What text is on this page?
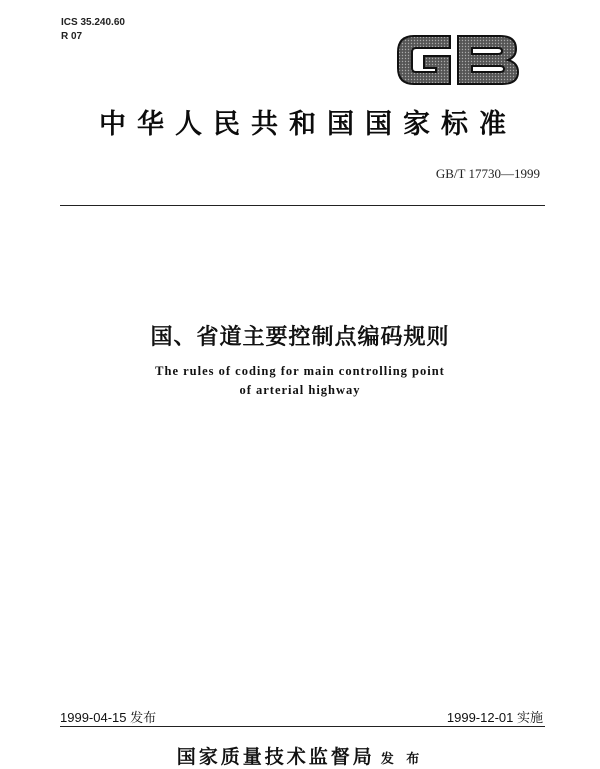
ICS 35.240.60
R 07
中华人民共和国国家标准
GB/T 17730—1999
国、省道主要控制点编码规则
The rules of coding for main controlling point
of arterial highway
1999-04-15 发布	1999-12-01 实施
国家质量技术监督局 发 布
